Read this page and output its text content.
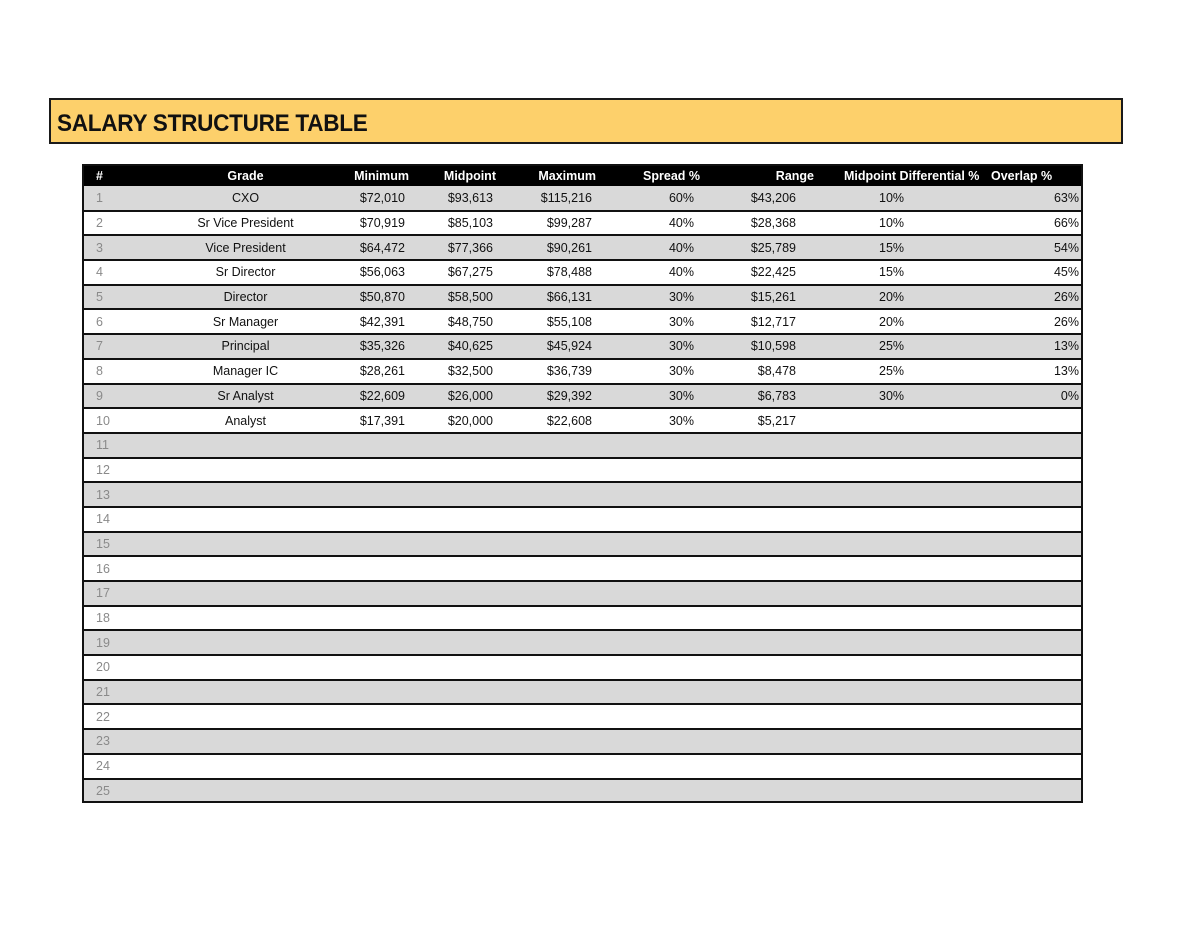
SALARY STRUCTURE TABLE
#	Grade	Minimum	Midpoint	Maximum	Spread %	Range	Midpoint Differential %	Overlap %
1	CXO	$72,010	$93,613	$115,216	60%	$43,206	10%	63%
2	Sr Vice President	$70,919	$85,103	$99,287	40%	$28,368	10%	66%
3	Vice President	$64,472	$77,366	$90,261	40%	$25,789	15%	54%
4	Sr Director	$56,063	$67,275	$78,488	40%	$22,425	15%	45%
5	Director	$50,870	$58,500	$66,131	30%	$15,261	20%	26%
6	Sr Manager	$42,391	$48,750	$55,108	30%	$12,717	20%	26%
7	Principal	$35,326	$40,625	$45,924	30%	$10,598	25%	13%
8	Manager IC	$28,261	$32,500	$36,739	30%	$8,478	25%	13%
9	Sr Analyst	$22,609	$26,000	$29,392	30%	$6,783	30%	0%
10	Analyst	$17,391	$20,000	$22,608	30%	$5,217		
11								
12								
13								
14								
15								
16								
17								
18								
19								
20								
21								
22								
23								
24								
25								
